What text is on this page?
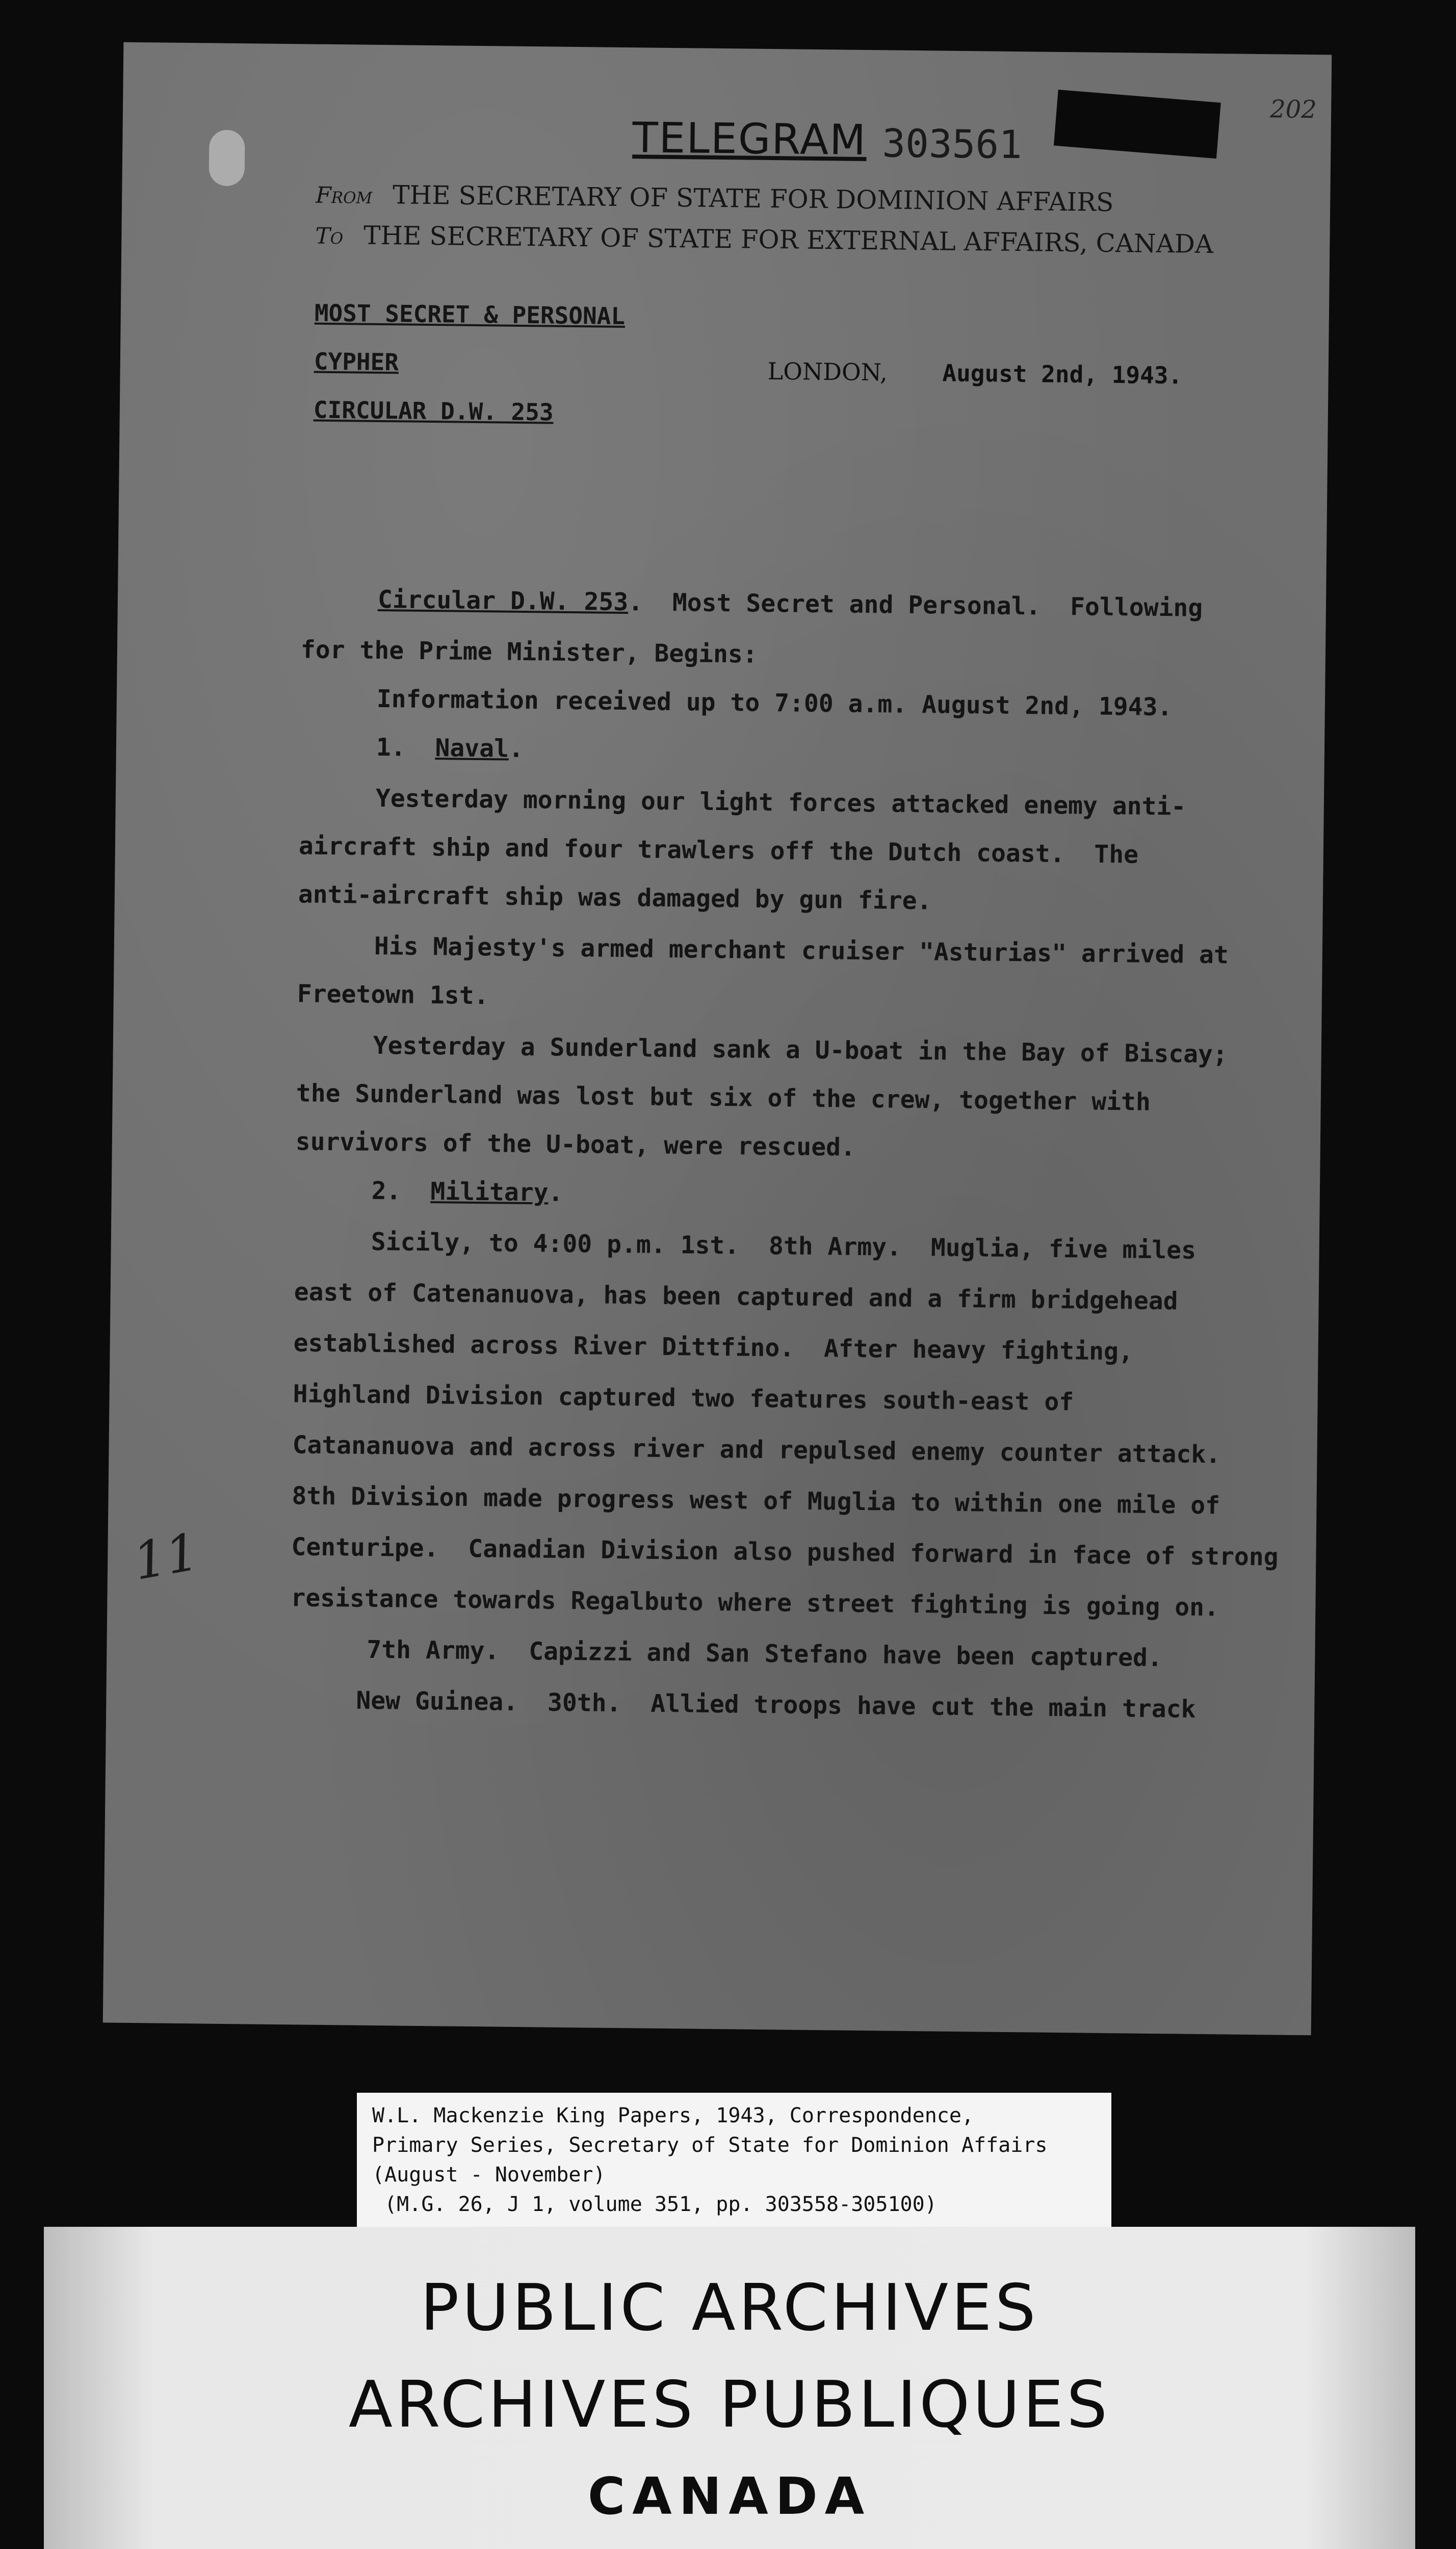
202
TELEGRAM 303561
From THE SECRETARY OF STATE FOR DOMINION AFFAIRS
To THE SECRETARY OF STATE FOR EXTERNAL AFFAIRS, CANADA
MOST SECRET & PERSONAL
CYPHER
CIRCULAR D.W. 253
LONDON, August 2nd, 1943.
Circular D.W. 253.  Most Secret and Personal.  Following
for the Prime Minister, Begins:
Information received up to 7:00 a.m. August 2nd, 1943.
1.  Naval.
Yesterday morning our light forces attacked enemy anti-
aircraft ship and four trawlers off the Dutch coast.  The
anti-aircraft ship was damaged by gun fire.
His Majesty's armed merchant cruiser "Asturias" arrived at
Freetown 1st.
Yesterday a Sunderland sank a U-boat in the Bay of Biscay;
the Sunderland was lost but six of the crew, together with
survivors of the U-boat, were rescued.
2.  Military.
Sicily, to 4:00 p.m. 1st.  8th Army.  Muglia, five miles
east of Catenanuova, has been captured and a firm bridgehead
established across River Dittfino.  After heavy fighting,
Highland Division captured two features south-east of
Catananuova and across river and repulsed enemy counter attack.
8th Division made progress west of Muglia to within one mile of
Centuripe.  Canadian Division also pushed forward in face of strong
resistance towards Regalbuto where street fighting is going on.
7th Army.  Capizzi and San Stefano have been captured.
New Guinea.  30th.  Allied troops have cut the main track
11
W.L. Mackenzie King Papers, 1943, Correspondence,
Primary Series, Secretary of State for Dominion Affairs
(August - November)
(M.G. 26, J 1, volume 351, pp. 303558-305100)
PUBLIC ARCHIVES
ARCHIVES PUBLIQUES
CANADA
